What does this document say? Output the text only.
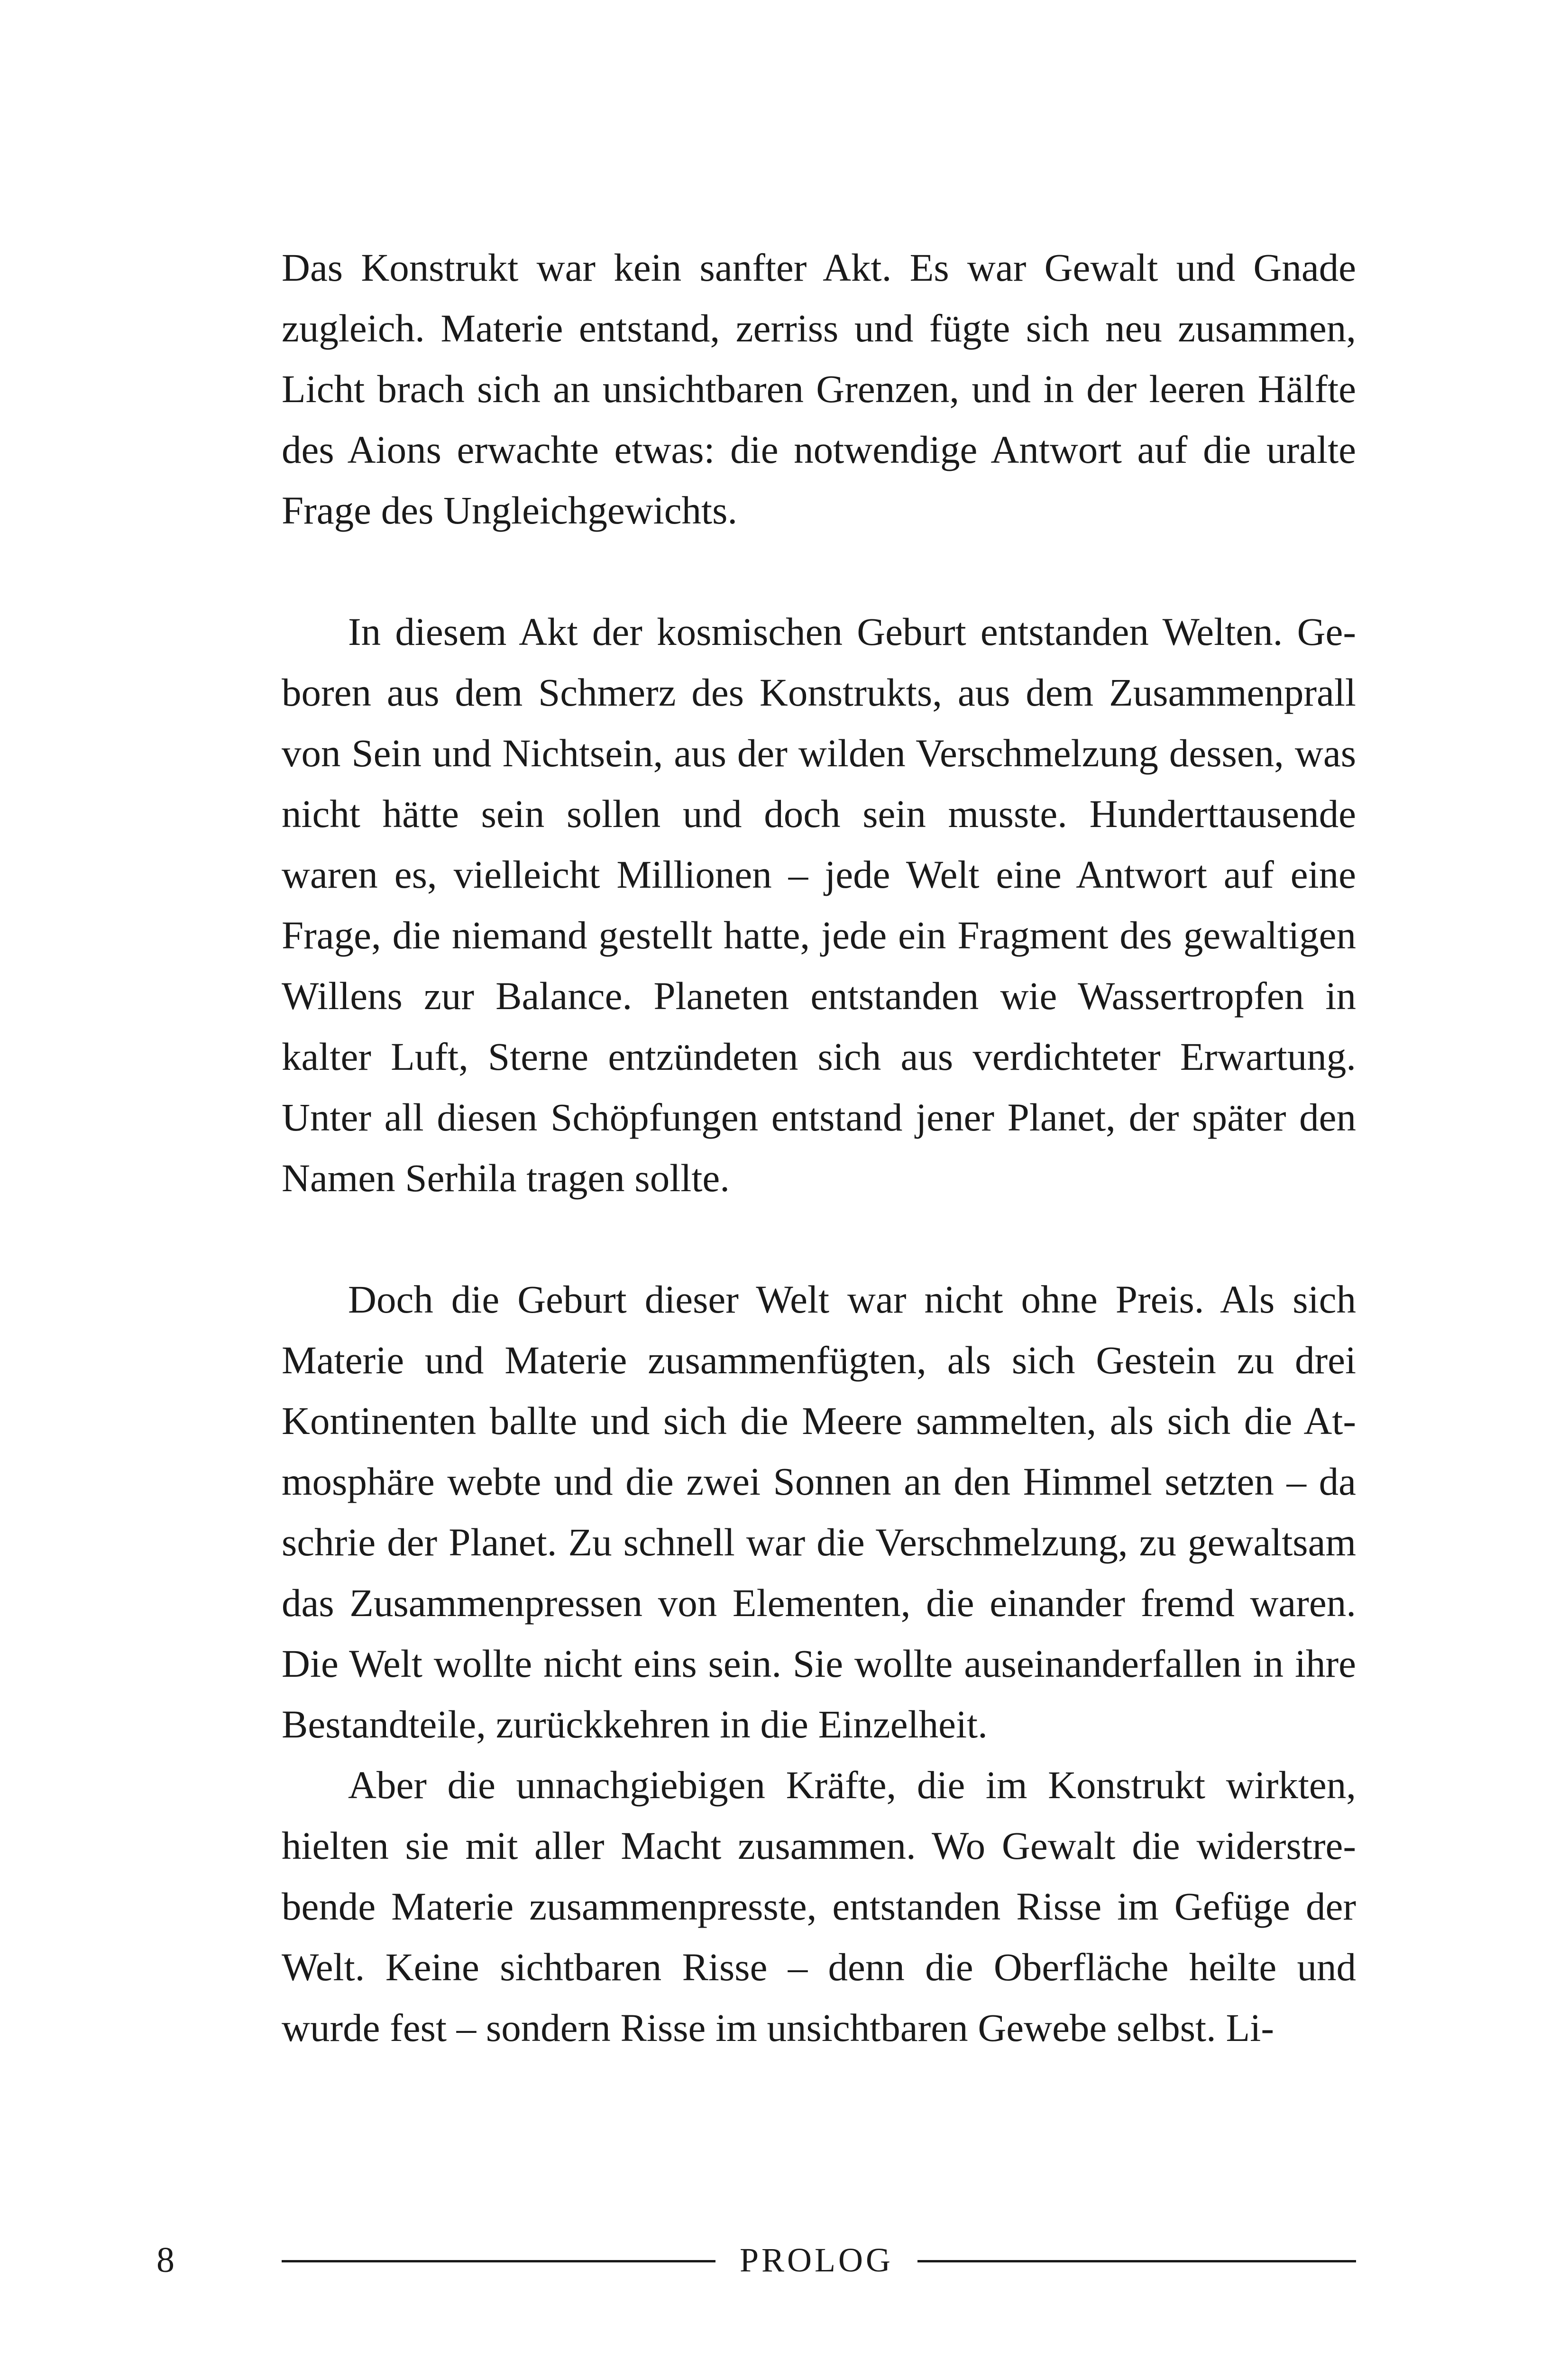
Das Konstrukt war kein sanfter Akt. Es war Gewalt und Gnade zugleich. Materie entstand, zerriss und fügte sich neu zusammen, Licht brach sich an unsichtbaren Grenzen, und in der leeren Hälfte des Aions erwachte etwas: die notwendige Antwort auf die uralte Frage des Ungleichgewichts.

In diesem Akt der kosmischen Geburt entstanden Welten. Geboren aus dem Schmerz des Konstrukts, aus dem Zusammenprall von Sein und Nichtsein, aus der wilden Verschmelzung dessen, was nicht hätte sein sollen und doch sein musste. Hunderttausende waren es, vielleicht Millionen – jede Welt eine Antwort auf eine Frage, die niemand gestellt hatte, jede ein Fragment des gewaltigen Willens zur Balance. Planeten entstanden wie Wassertropfen in kalter Luft, Sterne entzündeten sich aus verdichteter Erwartung. Unter all diesen Schöpfungen entstand jener Planet, der später den Namen Serhila tragen sollte.

Doch die Geburt dieser Welt war nicht ohne Preis. Als sich Materie und Materie zusammenfügten, als sich Gestein zu drei Kontinenten ballte und sich die Meere sammelten, als sich die Atmosphäre webte und die zwei Sonnen an den Himmel setzten – da schrie der Planet. Zu schnell war die Verschmelzung, zu gewaltsam das Zusammenpressen von Elementen, die einander fremd waren. Die Welt wollte nicht eins sein. Sie wollte auseinanderfallen in ihre Bestandteile, zurückkehren in die Einzelheit.

Aber die unnachgiebigen Kräfte, die im Konstrukt wirkten, hielten sie mit aller Macht zusammen. Wo Gewalt die widerstrebende Materie zusammenpresste, entstanden Risse im Gefüge der Welt. Keine sichtbaren Risse – denn die Oberfläche heilte und wurde fest – sondern Risse im unsichtbaren Gewebe selbst. Li-

8	PROLOG
